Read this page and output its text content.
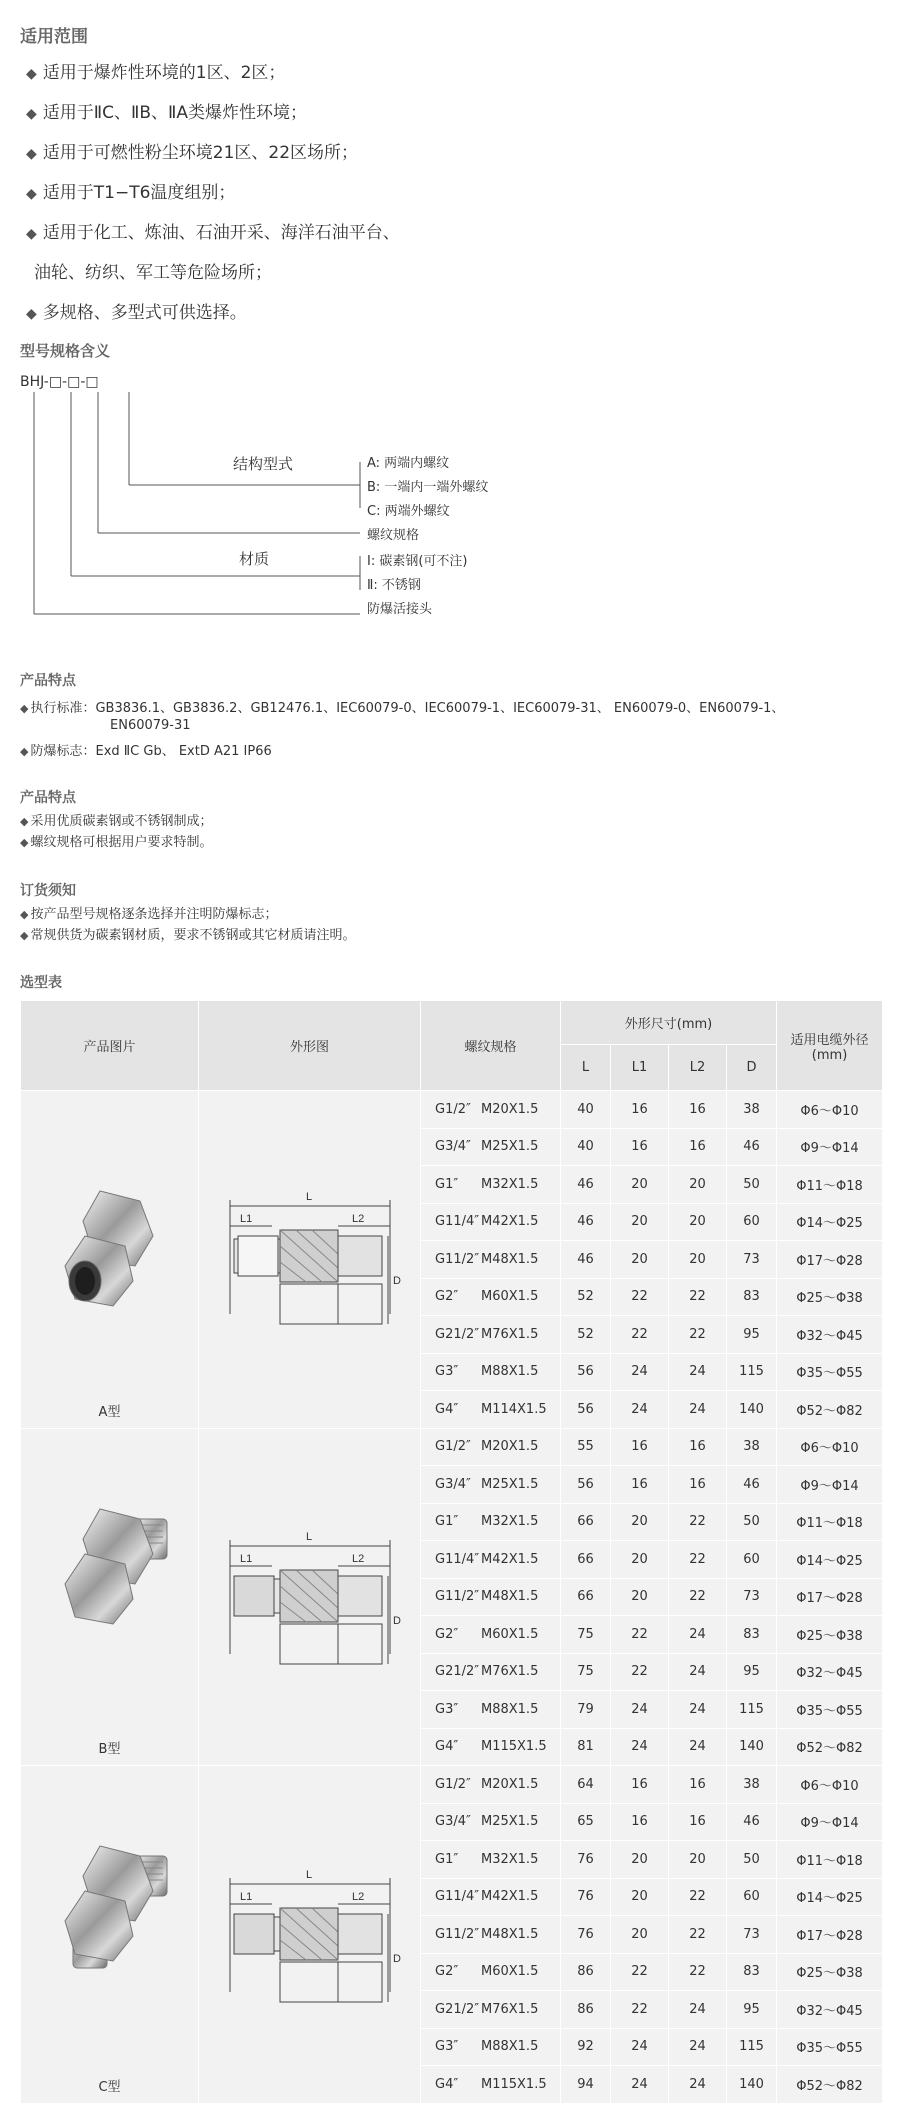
适用范围
◆ 适用于爆炸性环境的1区、2区；
◆ 适用于ⅡC、ⅡB、ⅡA类爆炸性环境；
◆ 适用于可燃性粉尘环境21区、22区场所；
◆ 适用于T1−T6温度组别；
◆ 适用于化工、炼油、石油开采、海洋石油平台、
油轮、纺织、军工等危险场所；
◆ 多规格、多型式可供选择。
型号规格含义
BHJ-□-□-□
结构型式	A: 两端内螺纹
B: 一端内一端外螺纹
C: 两端外螺纹
螺纹规格
材质	Ⅰ: 碳素钢(可不注)
Ⅱ: 不锈钢
防爆活接头
产品特点
◆ 执行标准：GB3836.1、GB3836.2、GB12476.1、IEC60079-0、IEC60079-1、IEC60079-31、 EN60079-0、EN60079-1、
EN60079-31
◆ 防爆标志：Exd ⅡC Gb、 ExtD A21 IP66
产品特点
◆ 采用优质碳素钢或不锈钢制成；
◆ 螺纹规格可根据用户要求特制。
订货须知
◆ 按产品型号规格逐条选择并注明防爆标志；
◆ 常规供货为碳素钢材质，要求不锈钢或其它材质请注明。
选型表
产品图片	外形图	螺纹规格	外形尺寸(mm)				适用电缆外径
(mm)
			L	L1	L2	D	

A型	L
L1 L2
D	G1/2″ M20X1.5	40	16	16	38	Φ6～Φ10
		G3/4″ M25X1.5	40	16	16	46	Φ9～Φ14
		G1″ M32X1.5	46	20	20	50	Φ11～Φ18
		G11/4″ M42X1.5	46	20	20	60	Φ14～Φ25
		G11/2″ M48X1.5	46	20	20	73	Φ17～Φ28
		G2″ M60X1.5	52	22	22	83	Φ25～Φ38
		G21/2″ M76X1.5	52	22	22	95	Φ32～Φ45
		G3″ M88X1.5	56	24	24	115	Φ35～Φ55
		G4″ M114X1.5	56	24	24	140	Φ52～Φ82

B型	L
L1 L2
D	G1/2″ M20X1.5	55	16	16	38	Φ6～Φ10
		G3/4″ M25X1.5	56	16	16	46	Φ9～Φ14
		G1″ M32X1.5	66	20	22	50	Φ11～Φ18
		G11/4″ M42X1.5	66	20	22	60	Φ14～Φ25
		G11/2″ M48X1.5	66	20	22	73	Φ17～Φ28
		G2″ M60X1.5	75	22	24	83	Φ25～Φ38
		G21/2″ M76X1.5	75	22	24	95	Φ32～Φ45
		G3″ M88X1.5	79	24	24	115	Φ35～Φ55
		G4″ M115X1.5	81	24	24	140	Φ52～Φ82

C型	L
L1 L2
D	G1/2″ M20X1.5	64	16	16	38	Φ6～Φ10
		G3/4″ M25X1.5	65	16	16	46	Φ9～Φ14
		G1″ M32X1.5	76	20	20	50	Φ11～Φ18
		G11/4″ M42X1.5	76	20	22	60	Φ14～Φ25
		G11/2″ M48X1.5	76	20	22	73	Φ17～Φ28
		G2″ M60X1.5	86	22	22	83	Φ25～Φ38
		G21/2″ M76X1.5	86	22	24	95	Φ32～Φ45
		G3″ M88X1.5	92	24	24	115	Φ35～Φ55
		G4″ M115X1.5	94	24	24	140	Φ52～Φ82
